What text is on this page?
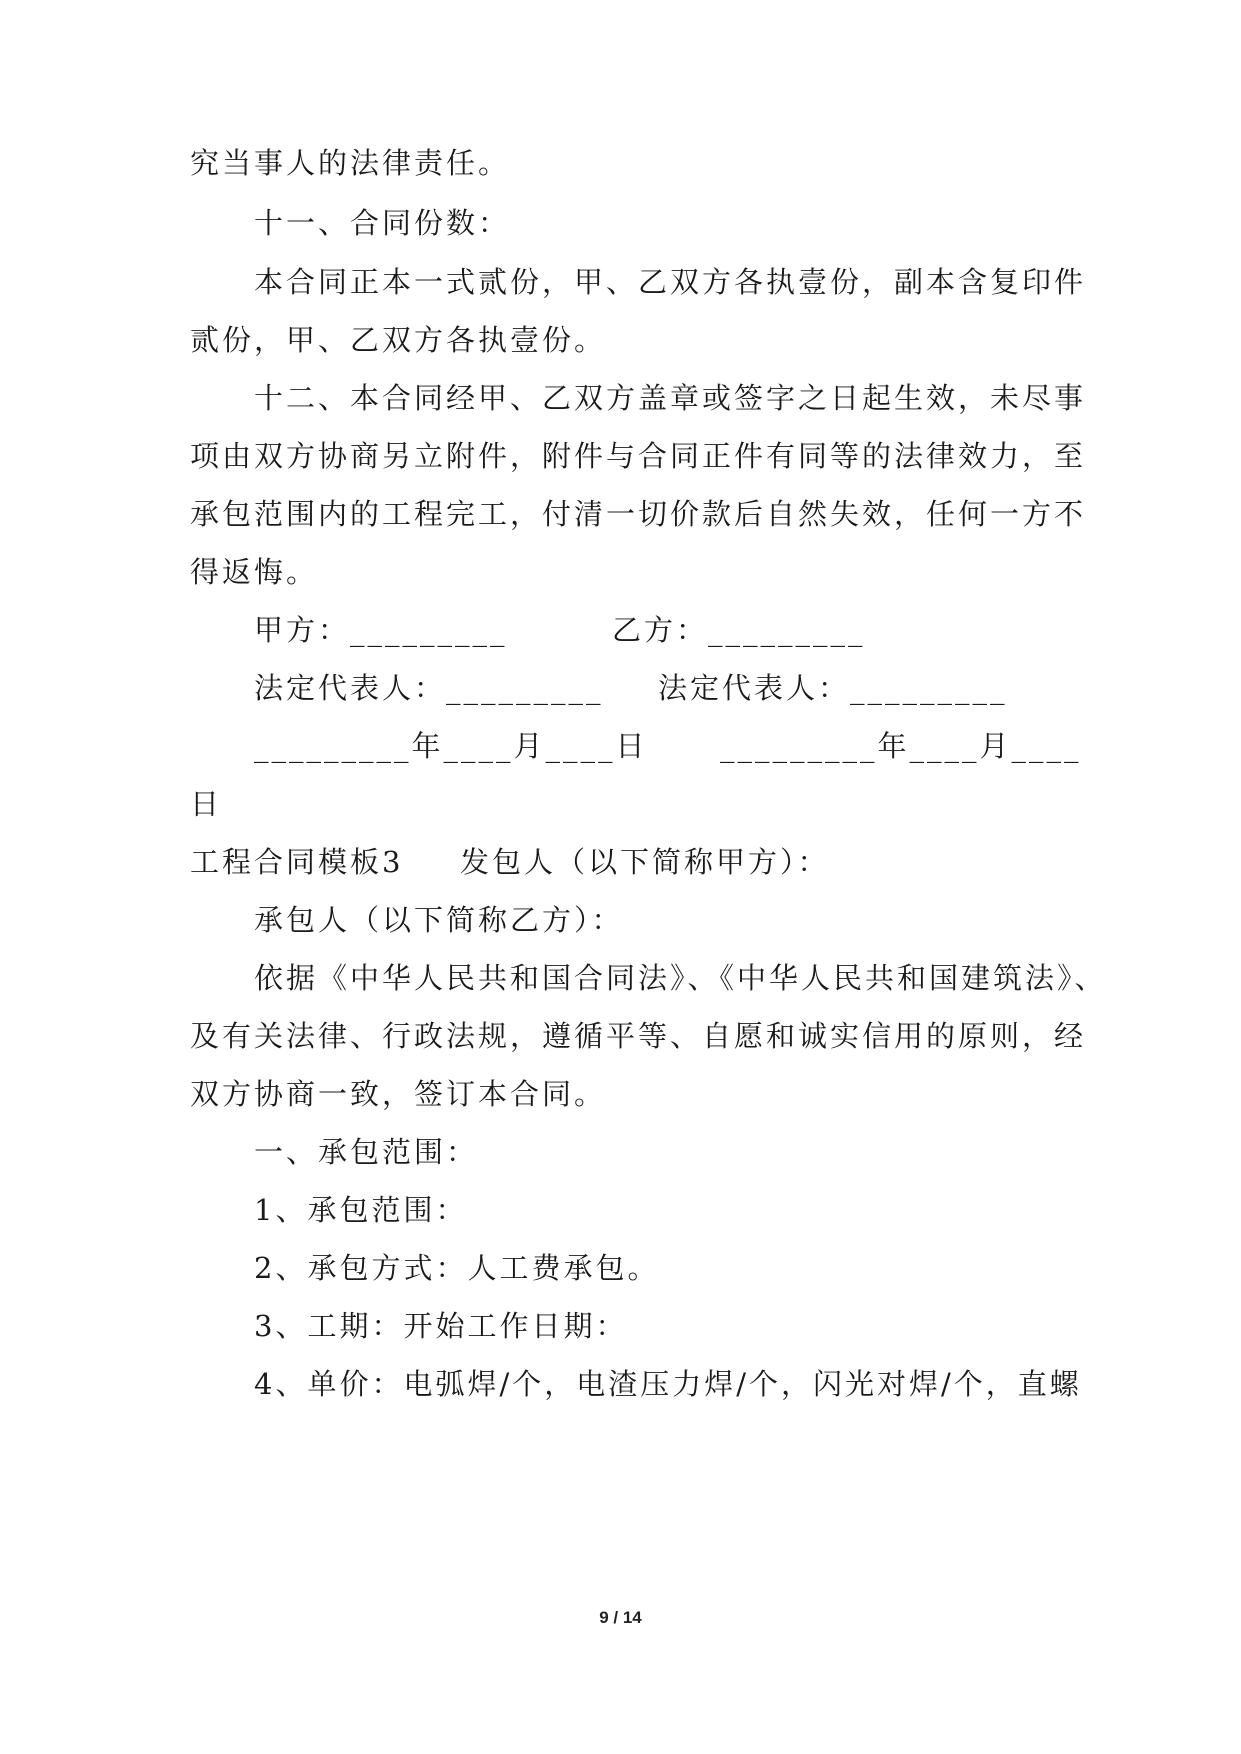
究当事人的法律责任。
十一、合同份数：
本合同正本一式贰份，甲、乙双方各执壹份，副本含复印件
贰份，甲、乙双方各执壹份。
十二、本合同经甲、乙双方盖章或签字之日起生效，未尽事
项由双方协商另立附件，附件与合同正件有同等的法律效力，至
承包范围内的工程完工，付清一切价款后自然失效，任何一方不
得返悔。
甲方：_________	乙方：_________
法定代表人：_________ 法定代表人：_________
_________年____月____日 _________年____月____
日
工程合同模板3 发包人（以下简称甲方）：
承包人（以下简称乙方）：
依据《中华人民共和国合同法》、《中华人民共和国建筑法》、
及有关法律、行政法规，遵循平等、自愿和诚实信用的原则，经
双方协商一致，签订本合同。
一、承包范围：
1、承包范围：
2、承包方式：人工费承包。
3、工期：开始工作日期：
4、单价：电弧焊/个，电渣压力焊/个，闪光对焊/个，直螺
9 / 14
